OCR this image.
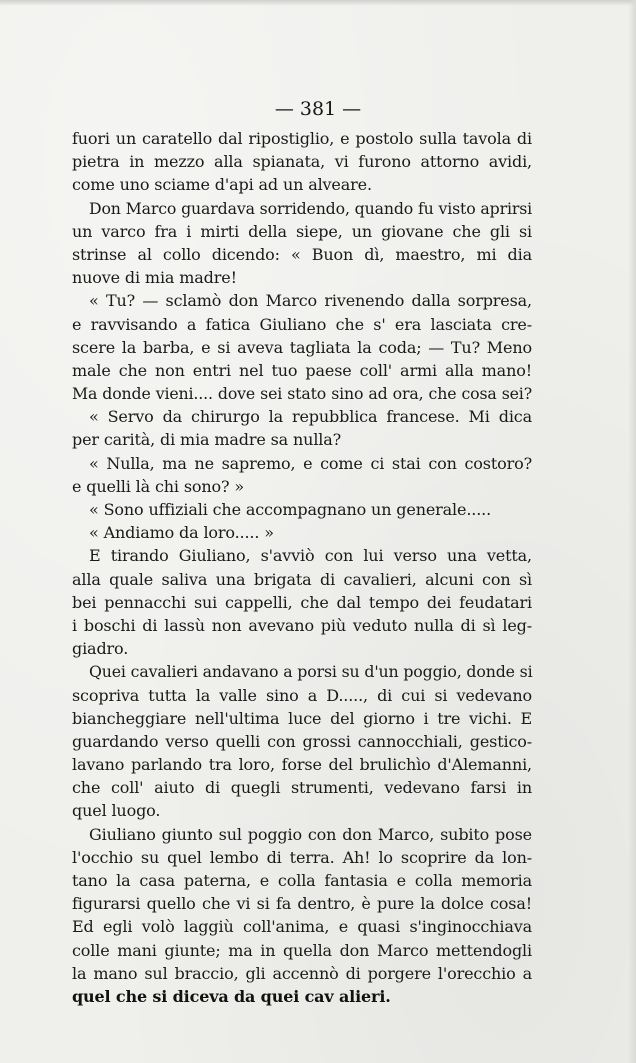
— 381 —
fuori un caratello dal ripostiglio, e postolo sulla tavola di
pietra in mezzo alla spianata, vi furono attorno avidi,
come uno sciame d'api ad un alveare.
Don Marco guardava sorridendo, quando fu visto aprirsi
un varco fra i mirti della siepe, un giovane che gli si
strinse al collo dicendo: « Buon dì, maestro, mi dia
nuove di mia madre!
« Tu? — sclamò don Marco rivenendo dalla sorpresa,
e ravvisando a fatica Giuliano che s' era lasciata cre-
scere la barba, e si aveva tagliata la coda; — Tu? Meno
male che non entri nel tuo paese coll' armi alla mano!
Ma donde vieni.... dove sei stato sino ad ora, che cosa sei?
« Servo da chirurgo la repubblica francese. Mi dica
per carità, di mia madre sa nulla?
« Nulla, ma ne sapremo, e come ci stai con costoro?
e quelli là chi sono? »
« Sono uffiziali che accompagnano un generale.....
« Andiamo da loro..... »
E tirando Giuliano, s'avviò con lui verso una vetta,
alla quale saliva una brigata di cavalieri, alcuni con sì
bei pennacchi sui cappelli, che dal tempo dei feudatari
i boschi di lassù non avevano più veduto nulla di sì leg-
giadro.
Quei cavalieri andavano a porsi su d'un poggio, donde si
scopriva tutta la valle sino a D....., di cui si vedevano
biancheggiare nell'ultima luce del giorno i tre vichi. E
guardando verso quelli con grossi cannocchiali, gestico-
lavano parlando tra loro, forse del brulichìo d'Alemanni,
che coll' aiuto di quegli strumenti, vedevano farsi in
quel luogo.
Giuliano giunto sul poggio con don Marco, subito pose
l'occhio su quel lembo di terra. Ah! lo scoprire da lon-
tano la casa paterna, e colla fantasia e colla memoria
figurarsi quello che vi si fa dentro, è pure la dolce cosa!
Ed egli volò laggiù coll'anima, e quasi s'inginocchiava
colle mani giunte; ma in quella don Marco mettendogli
la mano sul braccio, gli accennò di porgere l'orecchio a
quel che si diceva da quei cav alieri.
